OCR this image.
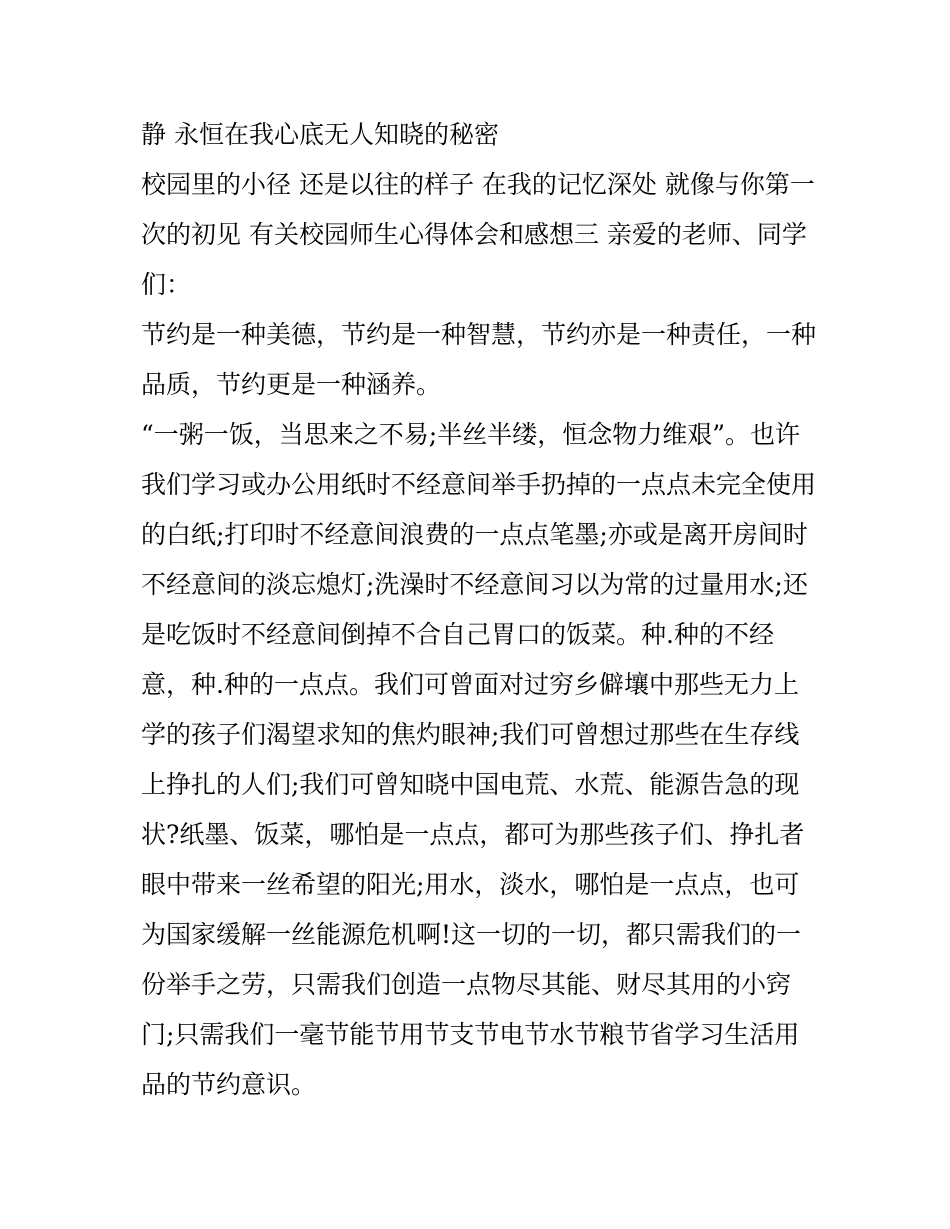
静 永恒在我心底无人知晓的秘密
校园里的小径 还是以往的样子 在我的记忆深处 就像与你第一
次的初见 有关校园师生心得体会和感想三 亲爱的老师、同学
们：
节约是一种美德，节约是一种智慧，节约亦是一种责任，一种
品质，节约更是一种涵养。
“一粥一饭，当思来之不易;半丝半缕，恒念物力维艰”。也许
我们学习或办公用纸时不经意间举手扔掉的一点点未完全使用
的白纸;打印时不经意间浪费的一点点笔墨;亦或是离开房间时
不经意间的淡忘熄灯;洗澡时不经意间习以为常的过量用水;还
是吃饭时不经意间倒掉不合自己胃口的饭菜。种.种的不经
意，种.种的一点点。我们可曾面对过穷乡僻壤中那些无力上
学的孩子们渴望求知的焦灼眼神;我们可曾想过那些在生存线
上挣扎的人们;我们可曾知晓中国电荒、水荒、能源告急的现
状?纸墨、饭菜，哪怕是一点点，都可为那些孩子们、挣扎者
眼中带来一丝希望的阳光;用水，淡水，哪怕是一点点，也可
为国家缓解一丝能源危机啊!这一切的一切，都只需我们的一
份举手之劳，只需我们创造一点物尽其能、财尽其用的小窍
门;只需我们一毫节能节用节支节电节水节粮节省学习生活用
品的节约意识。
